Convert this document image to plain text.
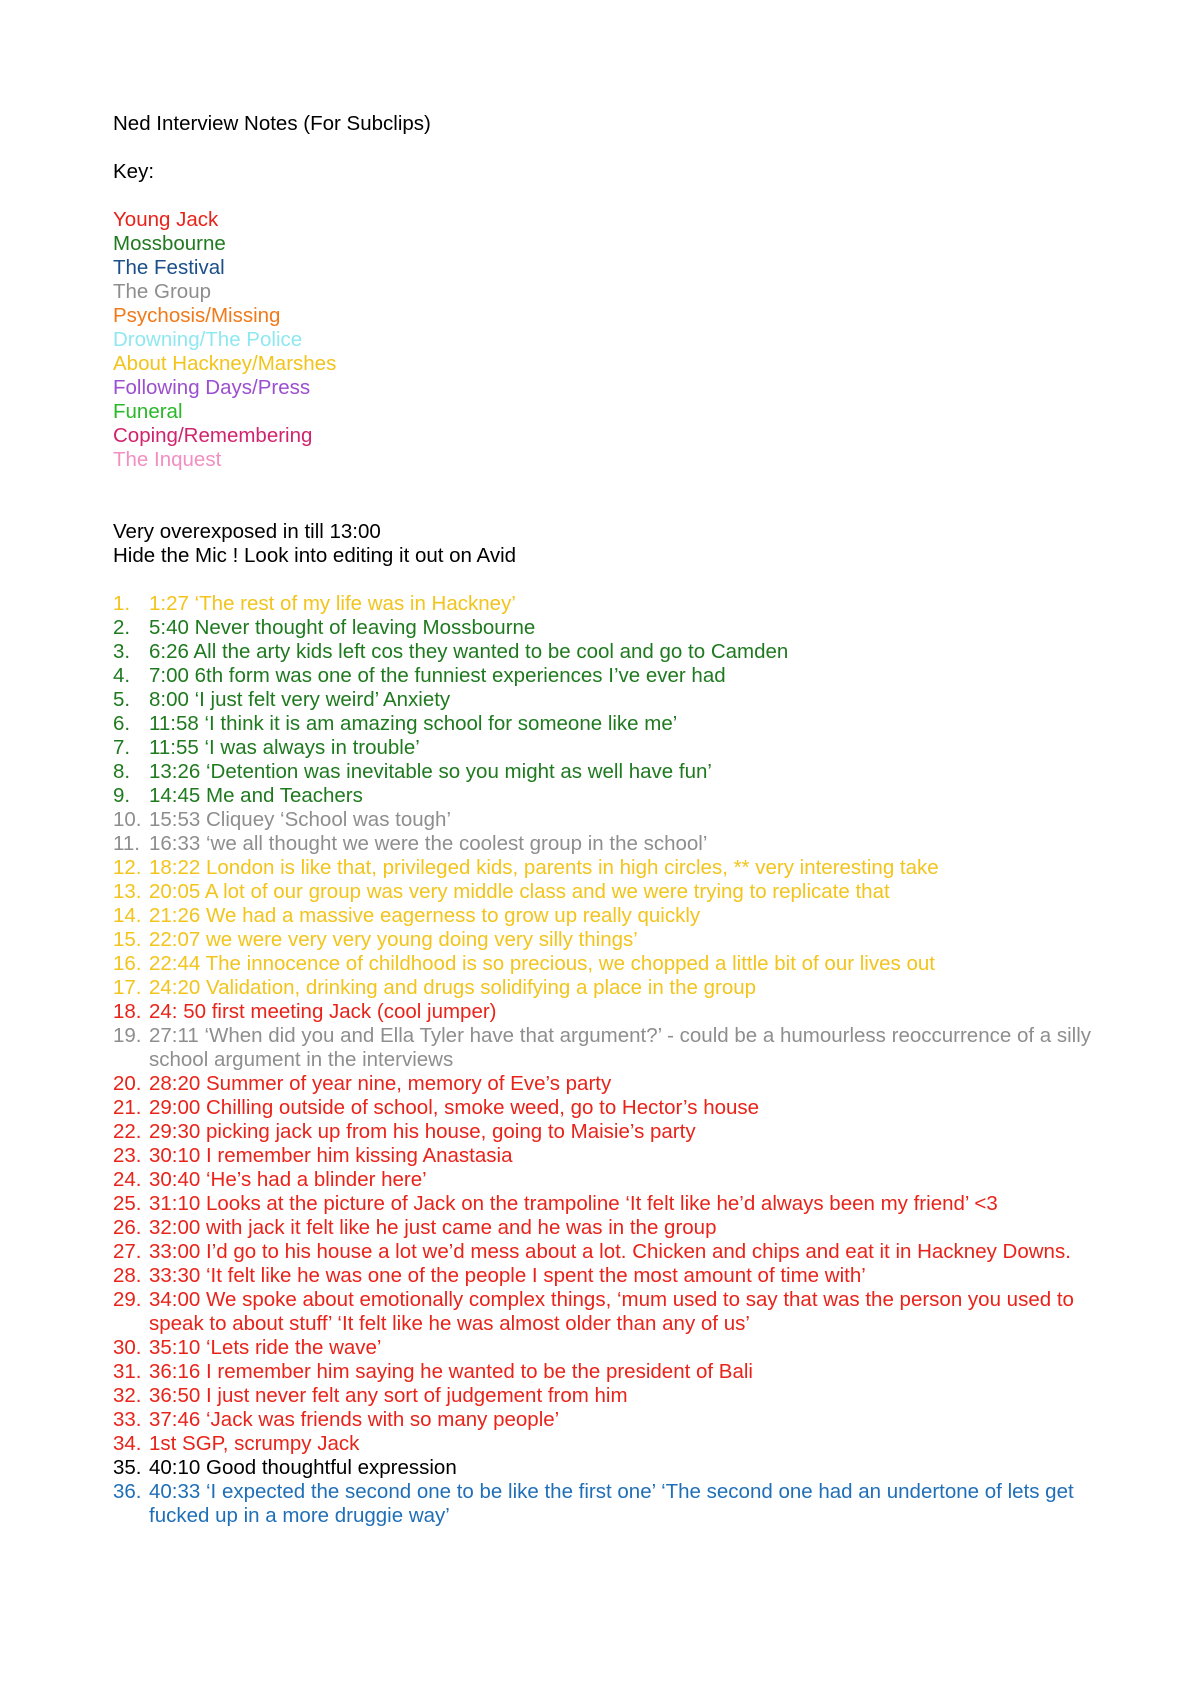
Ned Interview Notes (For Subclips)
Key:
Young Jack
Mossbourne
The Festival
The Group
Psychosis/Missing
Drowning/The Police
About Hackney/Marshes
Following Days/Press
Funeral
Coping/Remembering
The Inquest
Very overexposed in till 13:00
Hide the Mic ! Look into editing it out on Avid
1. 1:27 ‘The rest of my life was in Hackney’
2. 5:40 Never thought of leaving Mossbourne
3. 6:26 All the arty kids left cos they wanted to be cool and go to Camden
4. 7:00 6th form was one of the funniest experiences I’ve ever had
5. 8:00 ‘I just felt very weird’ Anxiety
6. 11:58 ‘I think it is am amazing school for someone like me’
7. 11:55 ‘I was always in trouble’
8. 13:26 ‘Detention was inevitable so you might as well have fun’
9. 14:45 Me and Teachers
10. 15:53 Cliquey ‘School was tough’
11. 16:33 ‘we all thought we were the coolest group in the school’
12. 18:22 London is like that, privileged kids, parents in high circles, ** very interesting take
13. 20:05 A lot of our group was very middle class and we were trying to replicate that
14. 21:26 We had a massive eagerness to grow up really quickly
15. 22:07 we were very very young doing very silly things’
16. 22:44 The innocence of childhood is so precious, we chopped a little bit of our lives out
17. 24:20 Validation, drinking and drugs solidifying a place in the group
18. 24: 50 first meeting Jack (cool jumper)
19. 27:11 ‘When did you and Ella Tyler have that argument?’ - could be a humourless reoccurrence of a silly school argument in the interviews
20. 28:20 Summer of year nine, memory of Eve’s party
21. 29:00 Chilling outside of school, smoke weed, go to Hector’s house
22. 29:30 picking jack up from his house, going to Maisie’s party
23. 30:10 I remember him kissing Anastasia
24. 30:40 ‘He’s had a blinder here’
25. 31:10 Looks at the picture of Jack on the trampoline ‘It felt like he’d always been my friend’ <3
26. 32:00 with jack it felt like he just came and he was in the group
27. 33:00 I’d go to his house a lot we’d mess about a lot. Chicken and chips and eat it in Hackney Downs.
28. 33:30 ‘It felt like he was one of the people I spent the most amount of time with’
29. 34:00 We spoke about emotionally complex things, ‘mum used to say that was the person you used to speak to about stuff’ ‘It felt like he was almost older than any of us’
30. 35:10 ‘Lets ride the wave’
31. 36:16 I remember him saying he wanted to be the president of Bali
32. 36:50 I just never felt any sort of judgement from him
33. 37:46 ‘Jack was friends with so many people’
34. 1st SGP, scrumpy Jack
35. 40:10 Good thoughtful expression
36. 40:33 ‘I expected the second one to be like the first one’ ‘The second one had an undertone of lets get fucked up in a more druggie way’
